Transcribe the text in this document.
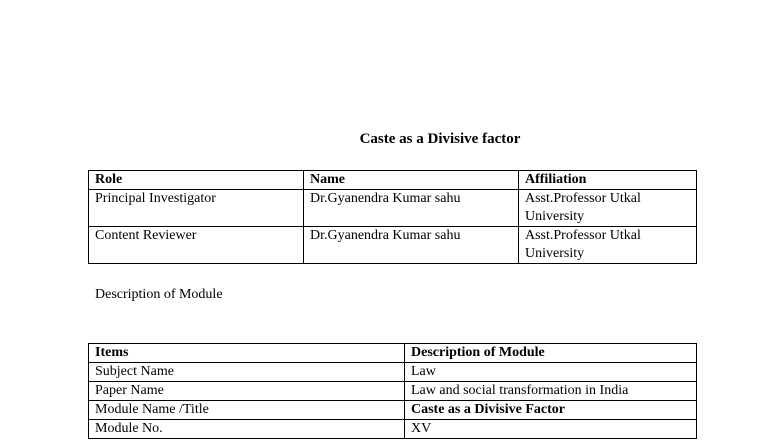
Caste as a Divisive factor
Role	Name	Affiliation
Principal Investigator	Dr.Gyanendra Kumar sahu	Asst.Professor Utkal University
Content Reviewer	Dr.Gyanendra Kumar sahu	Asst.Professor Utkal University
Description of Module
Items	Description of Module
Subject Name	Law
Paper Name	Law and social transformation in India
Module Name /Title	Caste as a Divisive Factor
Module No.	XV
